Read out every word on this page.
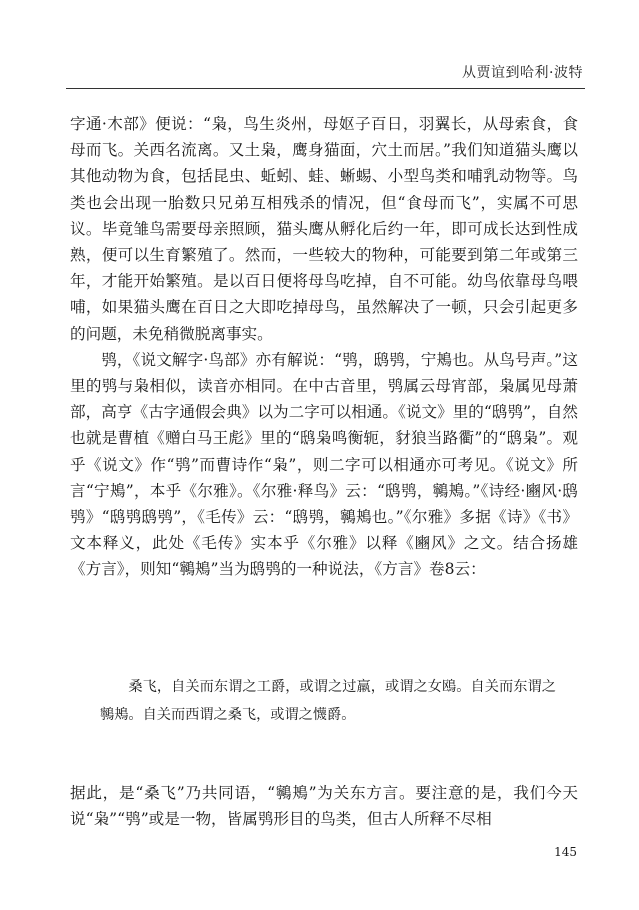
从贾谊到哈利·波特

字通·木部》便说：“枭，鸟生炎州，母妪子百日，羽翼长，从母索食，食母而飞。关西名流离。又土枭，鹰身猫面，穴土而居。”我们知道猫头鹰以其他动物为食，包括昆虫、蚯蚓、蛙、蜥蜴、小型鸟类和哺乳动物等。鸟类也会出现一胎数只兄弟互相残杀的情况，但“食母而飞”，实属不可思议。毕竟雏鸟需要母亲照顾，猫头鹰从孵化后约一年，即可成长达到性成熟，便可以生育繁殖了。然而，一些较大的物种，可能要到第二年或第三年，才能开始繁殖。是以百日便将母鸟吃掉，自不可能。幼鸟依靠母鸟喂哺，如果猫头鹰在百日之大即吃掉母鸟，虽然解决了一顿，只会引起更多的问题，未免稍微脱离事实。

鸮，《说文解字·鸟部》亦有解说：“鸮，鸱鸮，宁鴂也。从鸟号声。”这里的鸮与枭相似，读音亦相同。在中古音里，鸮属云母宵部，枭属见母萧部，高亨《古字通假会典》以为二字可以相通。《说文》里的“鸱鸮”，自然也就是曹植《赠白马王彪》里的“鸱枭鸣衡轭，豺狼当路衢”的“鸱枭”。观乎《说文》作“鸮”而曹诗作“枭”，则二字可以相通亦可考见。《说文》所言“宁鴂”，本乎《尔雅》。《尔雅·释鸟》云：“鸱鸮，鸋鴂。”《诗经·豳风·鸱鸮》“鸱鸮鸱鸮”，《毛传》云：“鸱鸮，鸋鴂也。”《尔雅》多据《诗》《书》文本释义，此处《毛传》实本乎《尔雅》以释《豳风》之文。结合扬雄《方言》，则知“鸋鴂”当为鸱鸮的一种说法，《方言》卷8云：

桑飞，自关而东谓之工爵，或谓之过羸，或谓之女鴎。自关而东谓之鸋鴂。自关而西谓之桑飞，或谓之懱爵。

据此，是“桑飞”乃共同语，“鸋鴂”为关东方言。要注意的是，我们今天说“枭”“鸮”或是一物，皆属鸮形目的鸟类，但古人所释不尽相

145
